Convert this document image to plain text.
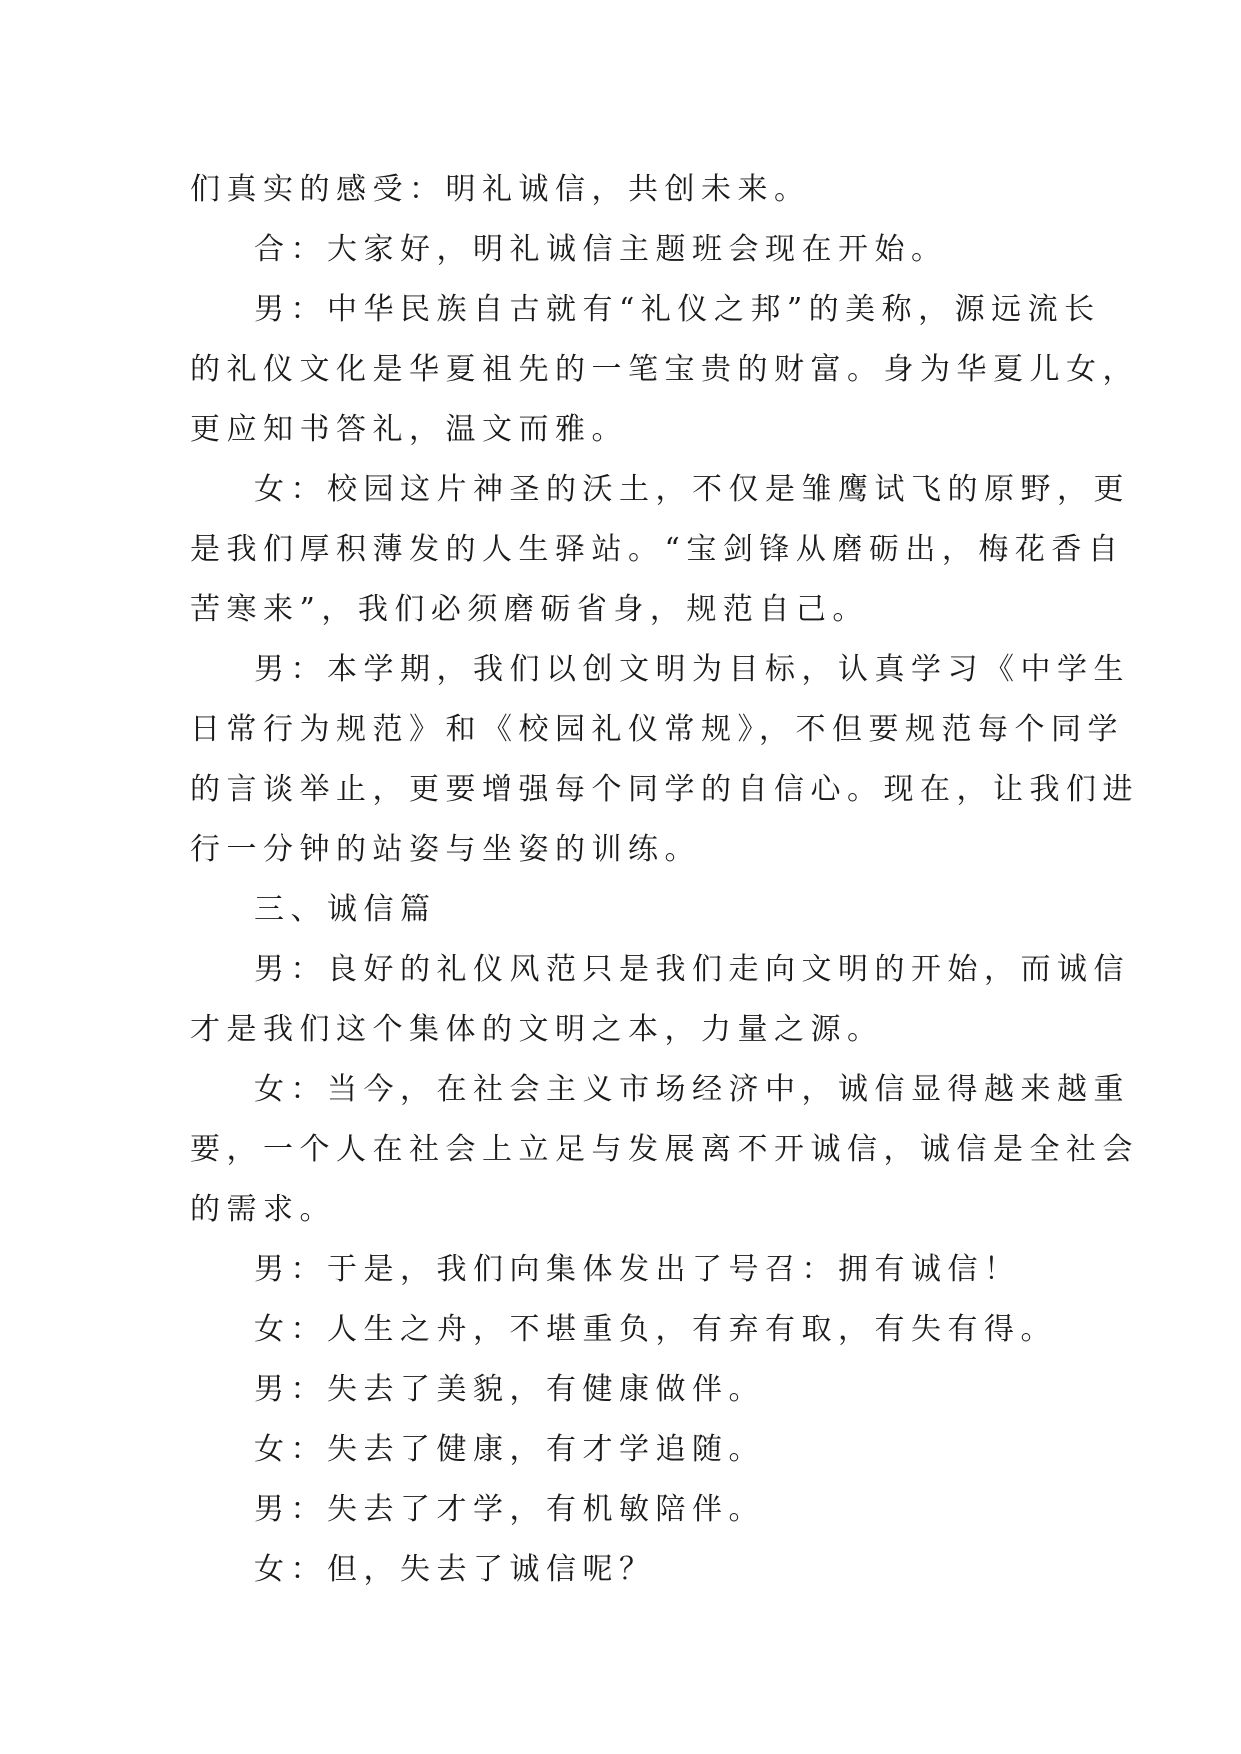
们真实的感受：明礼诚信，共创未来。

合：大家好，明礼诚信主题班会现在开始。

男：中华民族自古就有“礼仪之邦”的美称，源远流长

的礼仪文化是华夏祖先的一笔宝贵的财富。身为华夏儿女，

更应知书答礼，温文而雅。

女：校园这片神圣的沃土，不仅是雏鹰试飞的原野，更

是我们厚积薄发的人生驿站。“宝剑锋从磨砺出，梅花香自

苦寒来”，我们必须磨砺省身，规范自己。

男：本学期，我们以创文明为目标，认真学习《中学生

日常行为规范》和《校园礼仪常规》，不但要规范每个同学

的言谈举止，更要增强每个同学的自信心。现在，让我们进

行一分钟的站姿与坐姿的训练。

三、诚信篇

男：良好的礼仪风范只是我们走向文明的开始，而诚信

才是我们这个集体的文明之本，力量之源。

女：当今，在社会主义市场经济中，诚信显得越来越重

要，一个人在社会上立足与发展离不开诚信，诚信是全社会

的需求。

男：于是，我们向集体发出了号召：拥有诚信！

女：人生之舟，不堪重负，有弃有取，有失有得。

男：失去了美貌，有健康做伴。

女：失去了健康，有才学追随。

男：失去了才学，有机敏陪伴。

女：但，失去了诚信呢？
